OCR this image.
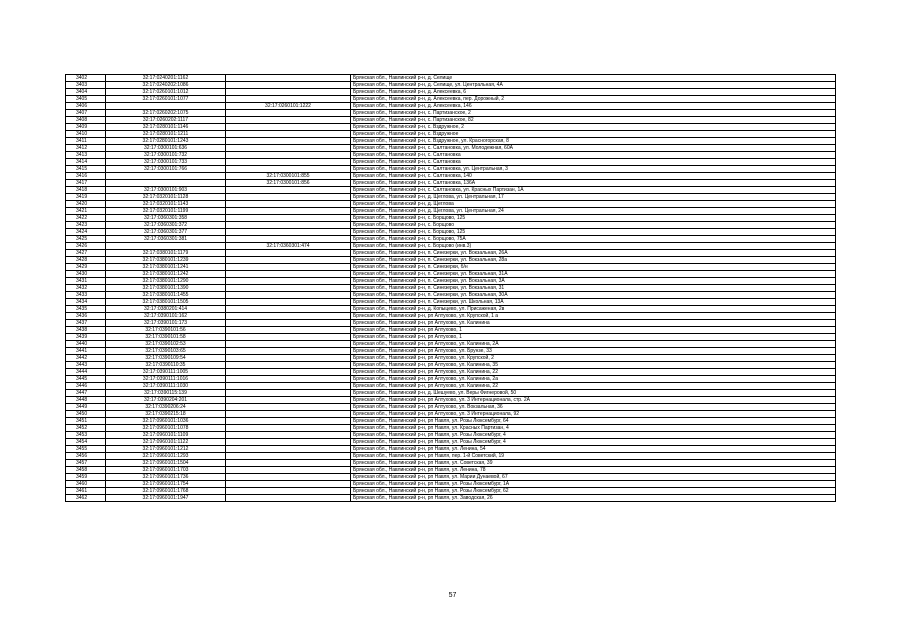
3402	32:17:0240201:1162		Брянская обл., Навлинский р-н, д. Селище
3403	32:17:0240202:1086		Брянская обл., Навлинский р-н, д. Селище, ул. Центральная, 4А
3404	32:17:0260101:1012		Брянская обл., Навлинский р-н, д. Алексеевка, 6
3405	32:17:0260101:1077		Брянская обл., Навлинский р-н, д. Алексеевка, пер. Дорожный, 2
3406		32:17:0260101:1222	Брянская обл., Навлинский р-н, д. Алексеевка, 146
3407	32:17:0260202:1075		Брянская обл., Навлинский р-н, с. Партизанское, 2
3408	32:17:0260202:1117		Брянская обл., Навлинский р-н, с. Партизанское, 82
3409	32:17:0280101:1146		Брянская обл., Навлинский р-н, с. Вздружное, 2
3410	32:17:0280101:1211		Брянская обл., Навлинский р-н, с. Вздружное
3411	32:17:0280101:1243		Брянская обл., Навлинский р-н, с. Вздружное, ул. Красногорская, 8
3412	32:17:0300101:636		Брянская обл., Навлинский р-н, с. Салтановка, ул. Молодежная, 60А
3413	32:17:0300101:732		Брянская обл., Навлинский р-н, с. Салтановка
3414	32:17:0300101:733		Брянская обл., Навлинский р-н, с. Салтановка
3415	32:17:0300101:766		Брянская обл., Навлинский р-н, с. Салтановка, ул. Центральная, 3
3416		32:17:0300101:855	Брянская обл., Навлинский р-н, с. Салтановка, 140
3417		32:17:0300101:856	Брянская обл., Навлинский р-н, с. Салтановка, 136А
3418	32:17:0300101:903		Брянская обл., Навлинский р-н, с. Салтановка, ул. Красных Партизан, 1А
3419	32:17:0320101:1128		Брянская обл., Навлинский р-н, д. Щеглова, ул. Центральная, 17
3420	32:17:0320101:1143		Брянская обл., Навлинский р-н, д. Щеглова
3421	32:17:0320101:1199		Брянская обл., Навлинский р-н, д. Щеглова, ул. Центральная, 24
3422	32:17:0360301:358		Брянская обл., Навлинский р-н, с. Борщово, 125
3423	32:17:0360301:372		Брянская обл., Навлинский р-н, с. Борщово
3424	32:17:0360301:377		Брянская обл., Навлинский р-н, с. Борщово, 125
3425	32:17:0360301:381		Брянская обл., Навлинский р-н, с. Борщово, 75А
3426		32:17:0360301:474	Брянская обл., Навлинский р-н, с. Борщово (инв.3)
3427	32:17:0380101:1179		Брянская обл., Навлинский р-н, п. Синезерки, ул. Вокзальная, 26А
3428	32:17:0380101:1239		Брянская обл., Навлинский р-н, п. Синезерки, ул. Вокзальная, 28а
3429	32:17:0380101:1241		Брянская обл., Навлинский р-н, п. Синезерки, б/н
3430	32:17:0380101:1242		Брянская обл., Навлинский р-н, п. Синезерки, ул. Вокзальная, 31А
3431	32:17:0380101:1290		Брянская обл., Навлинский р-н, п. Синезерки, ул. Вокзальная, 3А
3432	32:17:0380101:1390		Брянская обл., Навлинский р-н, п. Синезерки, ул. Вокзальная, 31
3433	32:17:0380101:1455		Брянская обл., Навлинский р-н, п. Синезерки, ул. Вокзальная, 30А
3434	32:17:0380101:1505		Брянская обл., Навлинский р-н, п. Синезерки, ул. Школьная, 13А
3435	32:17:0380201:414		Брянская обл., Навлинский р-н, д. Копыцево, ул. Присаженая, 2в
3436	32:17:0390101:162		Брянская обл., Навлинский р-н, рп Алтухово, ул. Крупской, 1 а
3437	32:17:0390101:173		Брянская обл., Навлинский р-н, рп Алтухово, ул. Калинина
3438	32:17:0390101:56		Брянская обл., Навлинский р-н, рп Алтухово, 1
3439	32:17:0390101:58		Брянская обл., Навлинский р-н, рп Алтухово, 1
3440	32:17:0390102:53		Брянская обл., Навлинский р-н, рп Алтухово, ул. Калинина, 2А
3441	32:17:0390103:65		Брянская обл., Навлинский р-н, рп Алтухово, ул. Брунзе, 33
3442	32:17:0390109:54		Брянская обл., Навлинский р-н, рп Алтухово, ул. Крупской, 2
3443	32:17:0390110:35		Брянская обл., Навлинский р-н, рп Алтухово, ул. Калинина, 35
3444	32:17:0390111:1005		Брянская обл., Навлинский р-н, рп Алтухово, ул. Калинина, 22
3445	32:17:0390111:1016		Брянская обл., Навлинский р-н, рп Алтухово, ул. Калинина, 2а
3446	32:17:0390111:1030		Брянская обл., Навлинский р-н, рп Алтухово, ул. Калинина, 22
3447	32:17:0390115:139		Брянская обл., Навлинский р-н, д. Шешуево, ул. Веры Фигнеровой, 50
3448	32:17:0390204:201		Брянская обл., Навлинский р-н, рп Алтухово, ул. 3 Интернационала, стр. 2А
3449	32:17:0390206:24		Брянская обл., Навлинский р-н, рп Алтухово, ул. Вокзальная, 36
3450	32:17:0390215:18		Брянская обл., Навлинский р-н, рп Алтухово, ул. 3 Интернационала, 92
3451	32:17:0960101:1036		Брянская обл., Навлинский р-н, рп Навля, ул. Розы Люксембург, 64
3452	32:17:0960101:1078		Брянская обл., Навлинский р-н, рп Навля, ул. Красных Партизан, 4
3453	32:17:0960101:1109		Брянская обл., Навлинский р-н, рп Навля, ул. Розы Люксембург, 4
3454	32:17:0960101:1122		Брянская обл., Навлинский р-н, рп Навля, ул. Розы Люксембург, 4
3455	32:17:0960101:1212		Брянская обл., Навлинский р-н, рп Навля, ул. Ленина, 54
3456	32:17:0960101:1293		Брянская обл., Навлинский р-н, рп Навля, пер. 1-й Советский, 19
3457	32:17:0960101:1504		Брянская обл., Навлинский р-н, рп Навля, ул. Советская, 39
3458	32:17:0960101:1703		Брянская обл., Навлинский р-н, рп Навля, ул. Ленина, 78
3459	32:17:0960101:1736		Брянская обл., Навлинский р-н, рп Навля, ул. Марии Дунаевой, 67
3460	32:17:0960101:1754		Брянская обл., Навлинский р-н, рп Навля, ул. Розы Люксембург, 1А
3461	32:17:0960101:1768		Брянская обл., Навлинский р-н, рп Навля, ул. Розы Люксембург, 62
3462	32:17:0960101:1947		Брянская обл., Навлинский р-н, рп Навля, ул. Заводская, 26
57
